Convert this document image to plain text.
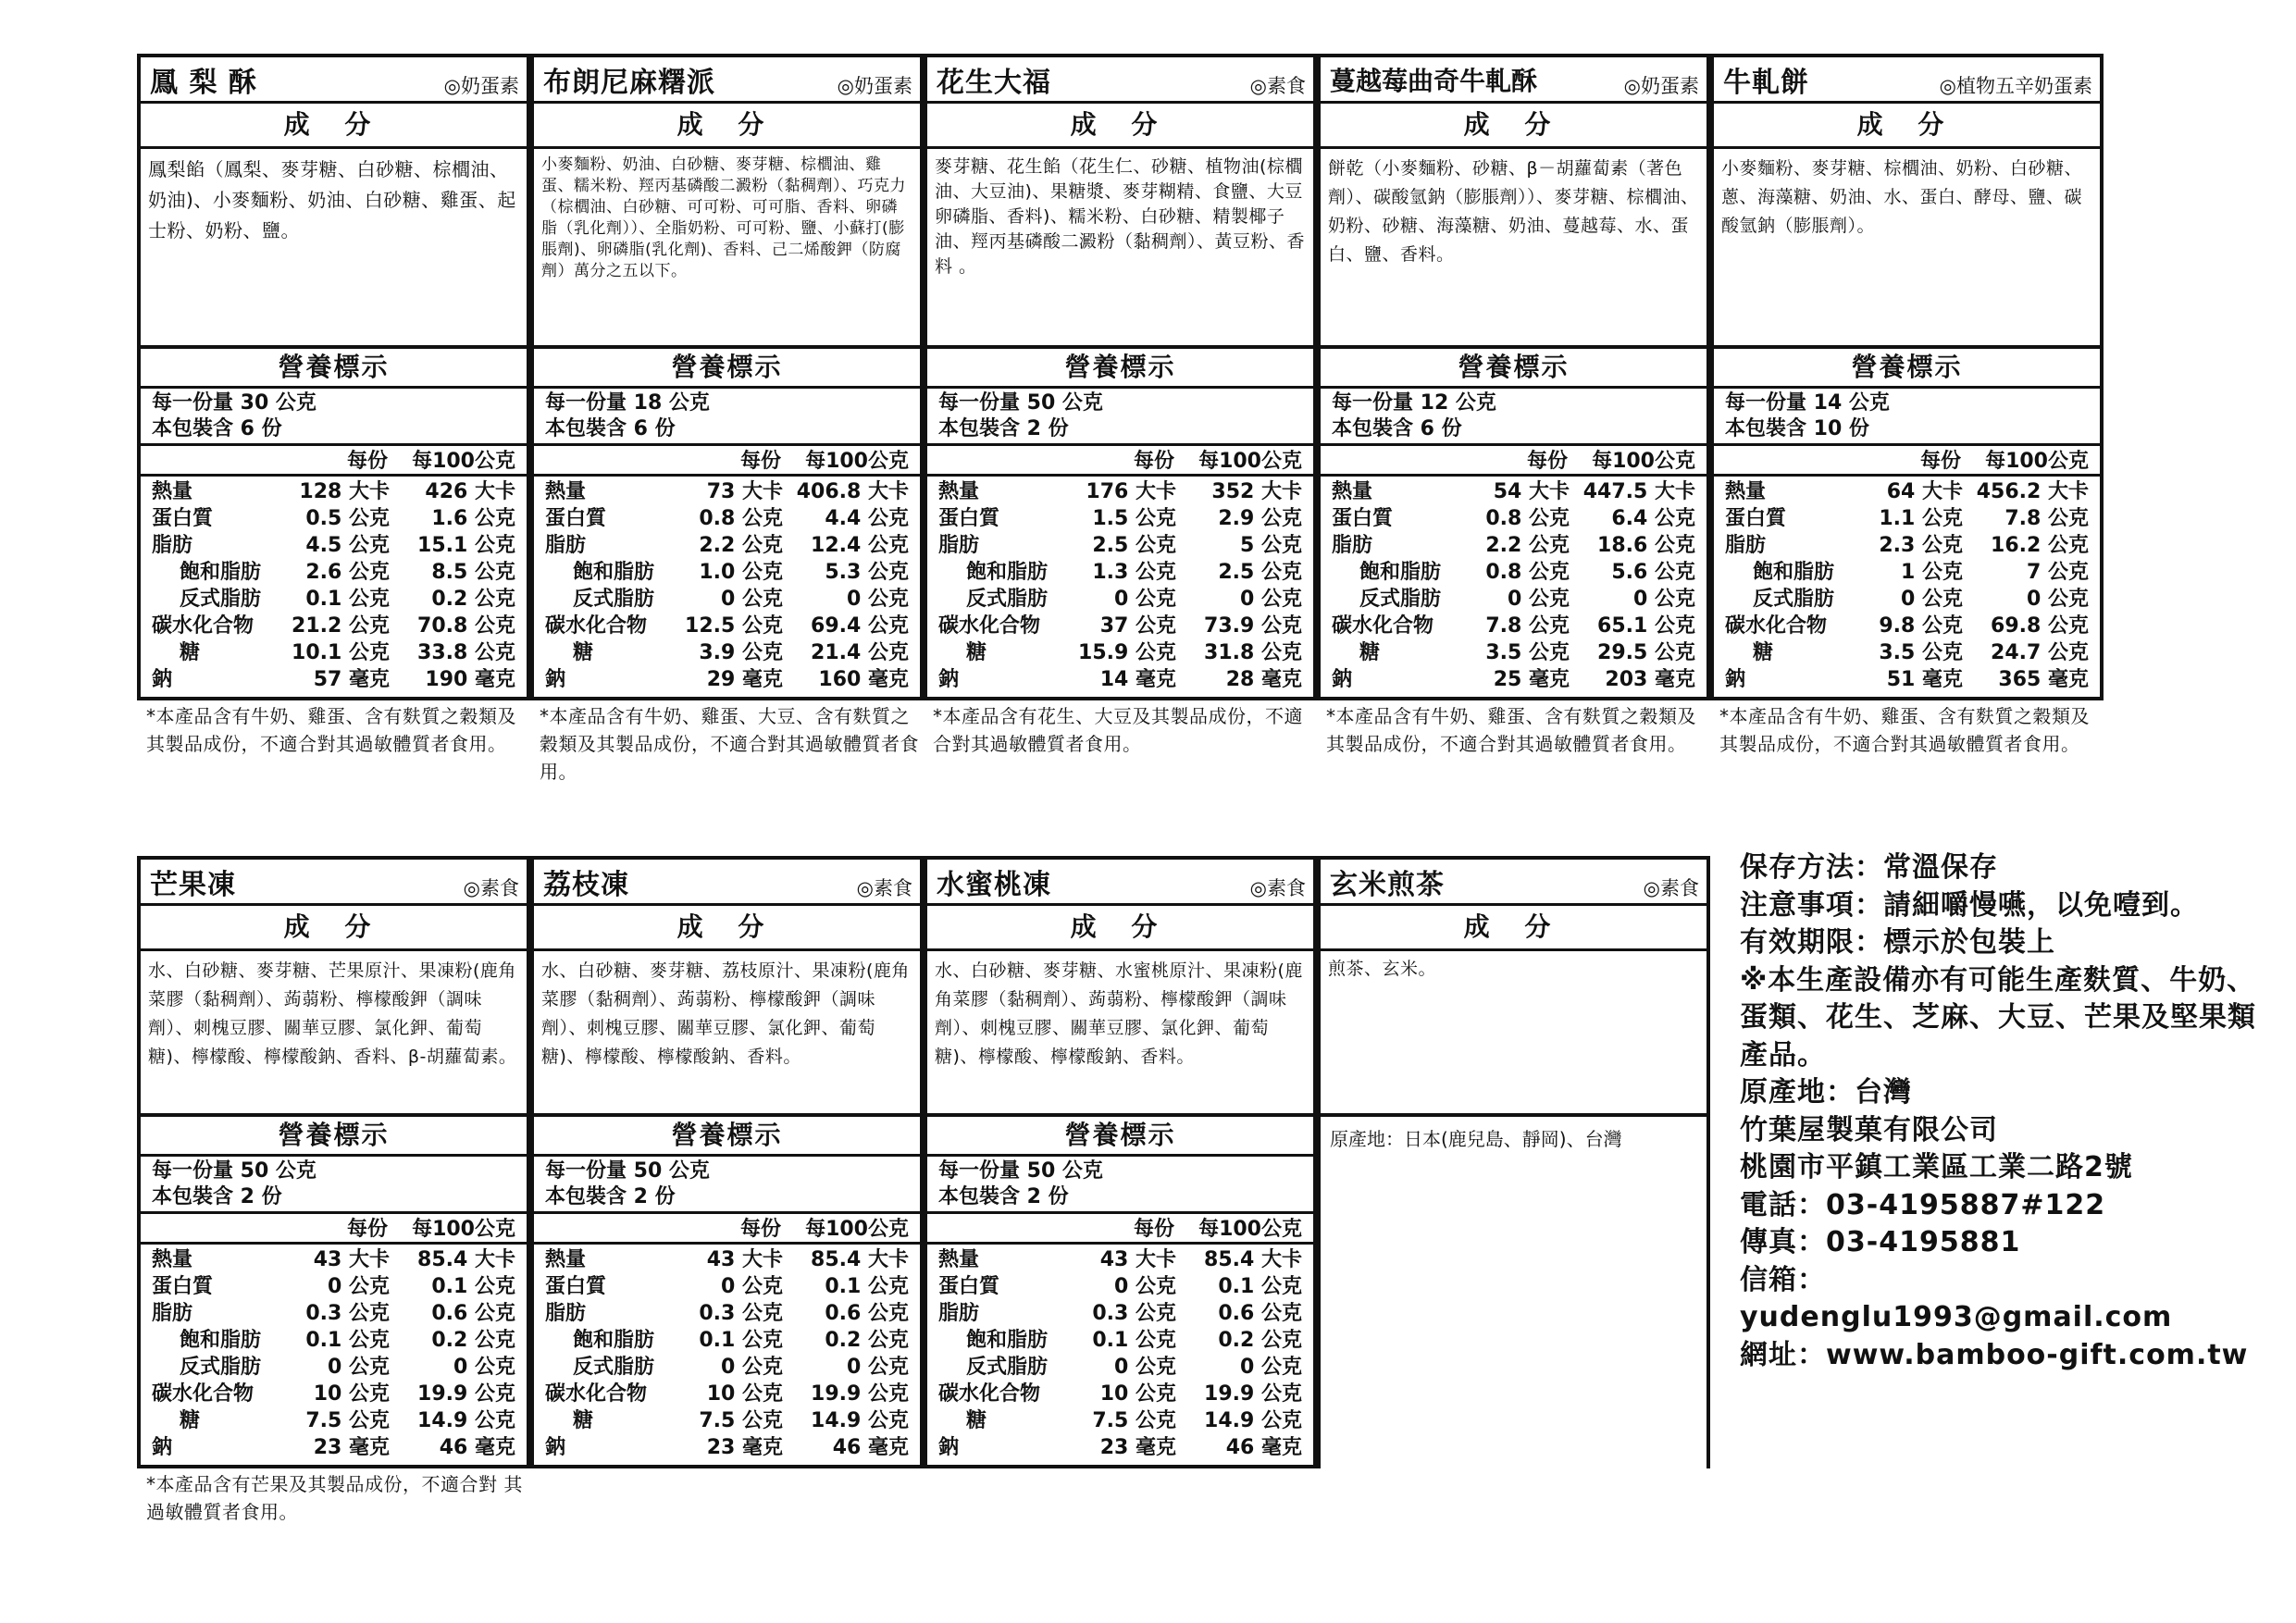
鳳 梨 酥	◎奶蛋素
成 分
鳳梨餡（鳳梨、麥芽糖、白砂糖、棕櫚油、奶油)、小麥麵粉、奶油、白砂糖、雞蛋、起士粉、奶粉、鹽。
營養標示
每一份量 30 公克
本包裝含 6 份
每份 每100公克
熱量	128 大卡 426 大卡
蛋白質	0.5 公克 1.6 公克
脂肪	4.5 公克 15.1 公克
飽和脂肪 2.6 公克 8.5 公克
反式脂肪 0.1 公克 0.2 公克
碳水化合物 21.2 公克 70.8 公克
糖	10.1 公克 33.8 公克
鈉	57 毫克 190 毫克
*本產品含有牛奶、雞蛋、含有麩質之穀類及其製品成份，不適合對其過敏體質者食用。
布朗尼麻糬派	◎奶蛋素
成 分
小麥麵粉、奶油、白砂糖、麥芽糖、棕櫚油、雞蛋、糯米粉、羥丙基磷酸二澱粉（黏稠劑）、巧克力（棕櫚油、白砂糖、可可粉、可可脂、香料、卵磷脂（乳化劑））、全脂奶粉、可可粉、鹽、小蘇打(膨脹劑)、卵磷脂(乳化劑)、香料、己二烯酸鉀（防腐劑）萬分之五以下。
營養標示
每一份量 18 公克
本包裝含 6 份
每份 每100公克
熱量	73 大卡 406.8 大卡
蛋白質	0.8 公克 4.4 公克
脂肪	2.2 公克 12.4 公克
飽和脂肪 1.0 公克 5.3 公克
反式脂肪	0 公克	0 公克
碳水化合物 12.5 公克 69.4 公克
糖	3.9 公克 21.4 公克
鈉	29 毫克 160 毫克
*本產品含有牛奶、雞蛋、大豆、含有麩質之穀類及其製品成份，不適合對其過敏體質者食用。
花生大福	◎素食
成 分
麥芽糖、花生餡（花生仁、砂糖、植物油(棕櫚油、大豆油)、果糖漿、麥芽糊精、食鹽、大豆卵磷脂、香料)、糯米粉、白砂糖、精製椰子油、羥丙基磷酸二澱粉（黏稠劑）、黃豆粉、香料 。
營養標示
每一份量 50 公克
本包裝含 2 份
每份 每100公克
熱量	176 大卡 352 大卡
蛋白質	1.5 公克 2.9 公克
脂肪	2.5 公克	5 公克
飽和脂肪 1.3 公克 2.5 公克
反式脂肪	0 公克	0 公克
碳水化合物	37 公克 73.9 公克
糖	15.9 公克 31.8 公克
鈉	14 毫克 28 毫克
*本產品含有花生、大豆及其製品成份，不適合對其過敏體質者食用。
蔓越莓曲奇牛軋酥	◎奶蛋素
成 分
餅乾（小麥麵粉、砂糖、β－胡蘿蔔素（著色劑）、碳酸氫鈉（膨脹劑））、麥芽糖、棕櫚油、奶粉、砂糖、海藻糖、奶油、蔓越莓、水、蛋白、鹽、香料。
營養標示
每一份量 12 公克
本包裝含 6 份
每份 每100公克
熱量	54 大卡 447.5 大卡
蛋白質	0.8 公克 6.4 公克
脂肪	2.2 公克 18.6 公克
飽和脂肪 0.8 公克 5.6 公克
反式脂肪	0 公克	0 公克
碳水化合物	7.8 公克 65.1 公克
糖	3.5 公克 29.5 公克
鈉	25 毫克 203 毫克
*本產品含有牛奶、雞蛋、含有麩質之穀類及其製品成份，不適合對其過敏體質者食用。
牛軋餅	◎植物五辛奶蛋素
成 分
小麥麵粉、麥芽糖、棕櫚油、奶粉、白砂糖、蔥、海藻糖、奶油、水、蛋白、酵母、鹽、碳酸氫鈉（膨脹劑）。
營養標示
每一份量 14 公克
本包裝含 10 份
每份 每100公克
熱量	64 大卡 456.2 大卡
蛋白質	1.1 公克 7.8 公克
脂肪	2.3 公克 16.2 公克
飽和脂肪	1 公克	7 公克
反式脂肪	0 公克	0 公克
碳水化合物	9.8 公克 69.8 公克
糖	3.5 公克 24.7 公克
鈉	51 毫克 365 毫克
*本產品含有牛奶、雞蛋、含有麩質之穀類及其製品成份，不適合對其過敏體質者食用。
芒果凍	◎素食
成 分
水、白砂糖、麥芽糖、芒果原汁、果凍粉(鹿角菜膠（黏稠劑）、蒟蒻粉、檸檬酸鉀（調味劑）、刺槐豆膠、關華豆膠、氯化鉀、葡萄糖)、檸檬酸、檸檬酸鈉、香料、β-胡蘿蔔素。
營養標示
每一份量 50 公克
本包裝含 2 份
每份 每100公克
熱量	43 大卡 85.4 大卡
蛋白質	0 公克 0.1 公克
脂肪	0.3 公克 0.6 公克
飽和脂肪 0.1 公克 0.2 公克
反式脂肪	0 公克	0 公克
碳水化合物	10 公克 19.9 公克
糖	7.5 公克 14.9 公克
鈉	23 毫克 46 毫克
*本產品含有芒果及其製品成份，不適合對 其過敏體質者食用。
荔枝凍	◎素食
成 分
水、白砂糖、麥芽糖、荔枝原汁、果凍粉(鹿角菜膠（黏稠劑）、蒟蒻粉、檸檬酸鉀（調味劑）、刺槐豆膠、關華豆膠、氯化鉀、葡萄糖)、檸檬酸、檸檬酸鈉、香料。
營養標示
每一份量 50 公克
本包裝含 2 份
每份 每100公克
熱量	43 大卡 85.4 大卡
蛋白質	0 公克 0.1 公克
脂肪	0.3 公克 0.6 公克
飽和脂肪 0.1 公克 0.2 公克
反式脂肪	0 公克	0 公克
碳水化合物	10 公克 19.9 公克
糖	7.5 公克 14.9 公克
鈉	23 毫克 46 毫克
水蜜桃凍	◎素食
成 分
水、白砂糖、麥芽糖、水蜜桃原汁、果凍粉(鹿角菜膠（黏稠劑）、蒟蒻粉、檸檬酸鉀（調味劑）、刺槐豆膠、關華豆膠、氯化鉀、葡萄糖)、檸檬酸、檸檬酸鈉、香料。
營養標示
每一份量 50 公克
本包裝含 2 份
每份 每100公克
熱量	43 大卡 85.4 大卡
蛋白質	0 公克 0.1 公克
脂肪	0.3 公克 0.6 公克
飽和脂肪 0.1 公克 0.2 公克
反式脂肪	0 公克	0 公克
碳水化合物	10 公克 19.9 公克
糖	7.5 公克 14.9 公克
鈉	23 毫克 46 毫克
玄米煎茶	◎素食
成 分
煎茶、玄米。
原產地：日本(鹿兒島、靜岡)、台灣
保存方法：常溫保存
注意事項：請細嚼慢嚥，以免噎到。
有效期限：標示於包裝上
※本生產設備亦有可能生產麩質、牛奶、蛋類、花生、芝麻、大豆、芒果及堅果類產品。
原產地：台灣
竹葉屋製菓有限公司
桃園市平鎮工業區工業二路2號
電話：03-4195887#122
傳真：03-4195881
信箱：yudenglu1993@gmail.com
網址：www.bamboo-gift.com.tw
